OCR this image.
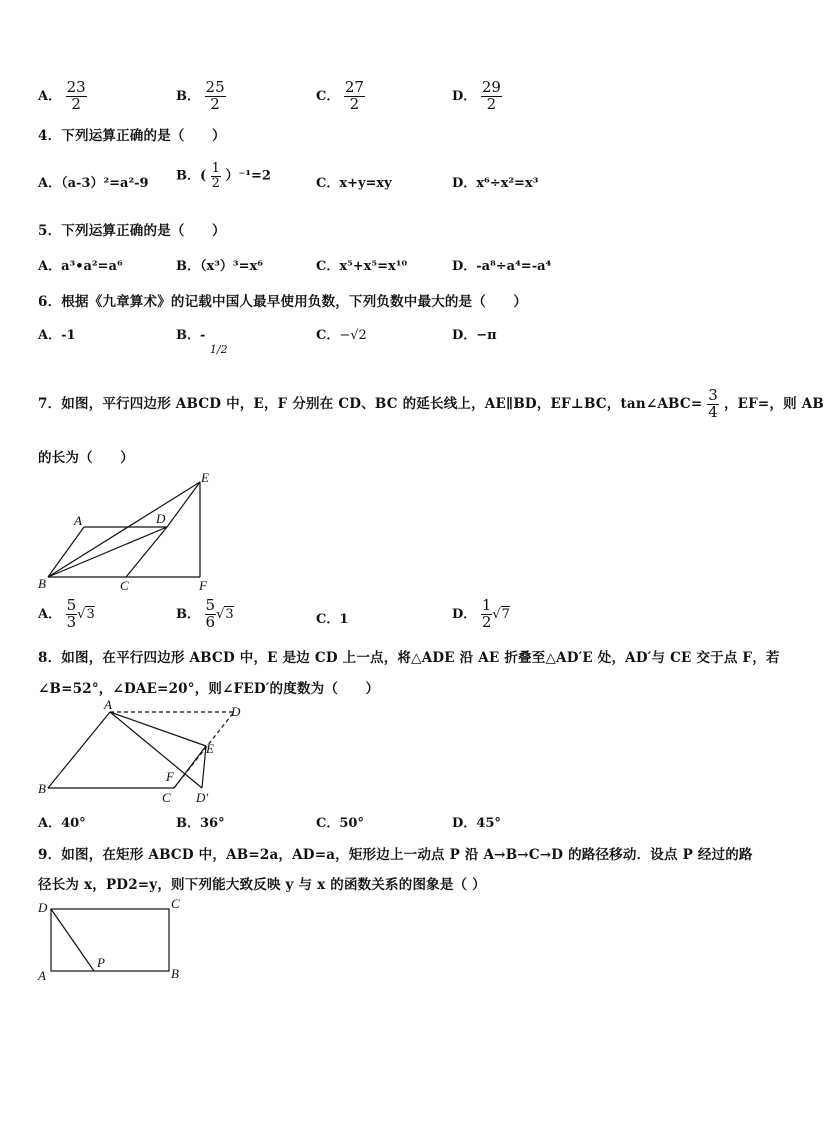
A． $\frac{23}{2}$	B． $\frac{25}{2}$	C． $\frac{27}{2}$	D． $\frac{29}{2}$
4．下列运算正确的是（　　）
A．（a-3）²=a²-9 B．( $\frac{1}{2} )^{-1}=2$	C．x+y=xy	D．x⁶÷x²=x³
5．下列运算正确的是（　　）
A．a³•a²=a⁶	B．（x³）³=x⁶	C．x⁵+x⁵=x¹⁰	D．-a⁸÷a⁴=-a⁴
6．根据《九章算术》的记载中国人最早使用负数，下列负数中最大的是（　　）
A．-1	B．- $_{1/2}$
C．−√2	D．−π
7．如图，平行四边形 ABCD 中，E，F 分别在 CD、BC 的延长线上，AE∥BD，EF⊥BC，tan∠ABC= $\frac{3}{4}$ ，EF=，则 AB
的长为（　　）
A	D
E
B	C	F
A． $\frac{5}{3} √3$	B． $\frac{5}{6} √3$	C．1	D． $\frac{1}{2} √7$
8．如图，在平行四边形 ABCD 中，E 是边 CD 上一点，将△ADE 沿 AE 折叠至△AD′E 处，AD′与 CE 交于点 F，若
∠B=52°，∠DAE=20°，则∠FED′的度数为（　　）
A	D
E
F
B
C D′
A．40°	B．36°	C．50°	D．45°
9．如图，在矩形 ABCD 中，AB=2a，AD=a，矩形边上一动点 P 沿 A→B→C→D 的路径移动．设点 P 经过的路
径长为 x，PD2=y，则下列能大致反映 y 与 x 的函数关系的图象是（ ）
D	C
P
A	B
